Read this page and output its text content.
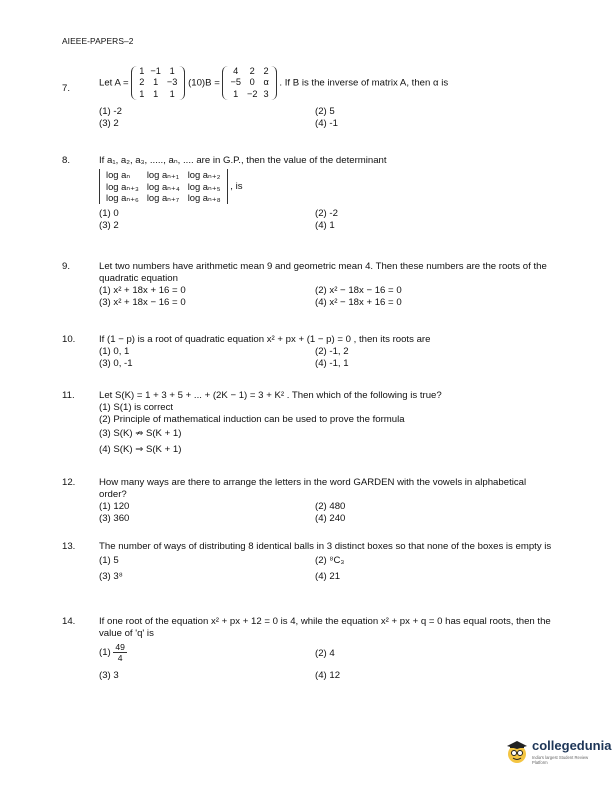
AIEEE-PAPERS–2
7.	Let A =
1	−1	1
2	1	−3
1	1	1
(10)B =
4	2	2
−5	0	α
1	−2	3
. If B is the inverse of matrix A, then α is
(1) -2	(2) 5
(3) 2	(4) -1
8.	If a₁, a₂, a₃, ....., aₙ, .... are in G.P., then the value of the determinant
log aₙ	log aₙ₊₁	log aₙ₊₂
log aₙ₊₃	log aₙ₊₄	log aₙ₊₅
log aₙ₊₆	log aₙ₊₇	log aₙ₊₈
, is
(1) 0	(2) -2
(3) 2	(4) 1
9.	Let two numbers have arithmetic mean 9 and geometric mean 4. Then these numbers are the roots of the quadratic equation
(1) x² + 18x + 16 = 0	(2) x² − 18x − 16 = 0
(3) x² + 18x − 16 = 0	(4) x² − 18x + 16 = 0
10. If (1 − p) is a root of quadratic equation x² + px + (1 − p) = 0 , then its roots are
(1) 0, 1	(2) -1, 2
(3) 0, -1	(4) -1, 1
11.	Let S(K) = 1 + 3 + 5 + ... + (2K − 1) = 3 + K² . Then which of the following is true?
(1) S(1) is correct
(2) Principle of mathematical induction can be used to prove the formula
(3) S(K) ⇏ S(K + 1)
(4) S(K) ⇒ S(K + 1)
12. How many ways are there to arrange the letters in the word GARDEN with the vowels in alphabetical order?
(1) 120	(2) 480
(3) 360	(4) 240
13. The number of ways of distributing 8 identical balls in 3 distinct boxes so that none of the boxes is empty is
(1) 5	(2) ⁸C₃
(3) 3⁸	(4) 21
14. If one root of the equation x² + px + 12 = 0 is 4, while the equation x² + px + q = 0 has equal roots, then the value of 'q' is
$(1) \frac{49}{4}$	(2) 4
(3) 3	(4) 12
collegedunia
India's largest Student Review Platform
